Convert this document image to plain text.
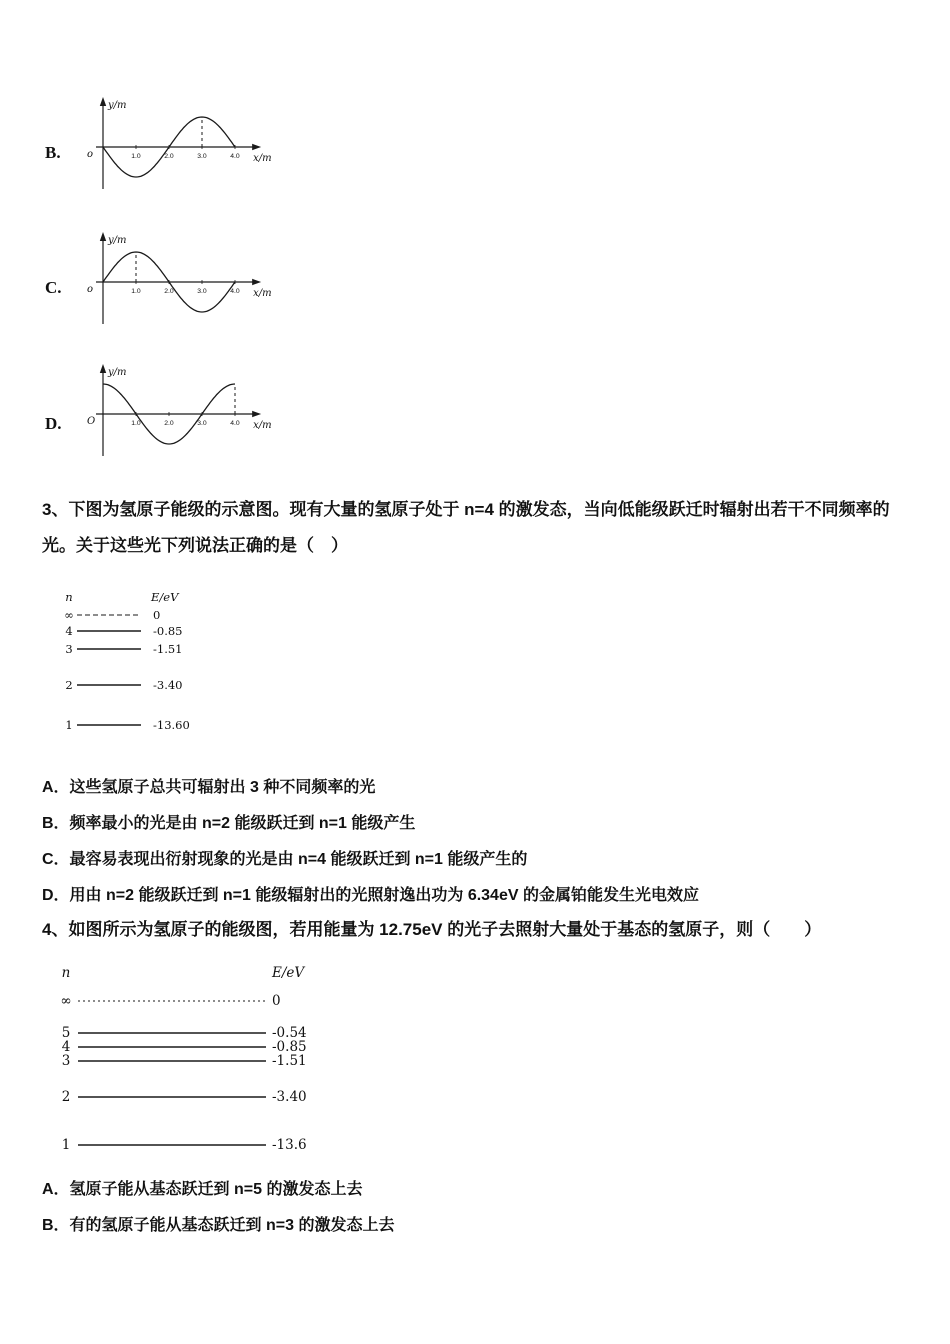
B.
y/m
x/m
o	1.0	2.0	3.0	4.0
C.
y/m
x/m
o	1.0	2.0	3.0	4.0
D.
y/m
x/m
O	1.0	2.0	3.0	4.0

3、下图为氢原子能级的示意图。现有大量的氢原子处于 n=4 的激发态，当向低能级跃迁时辐射出若干不同频率的光。关于这些光下列说法正确的是（　）

n	E/eV
∞	0
4	-0.85
3	-1.51
2	-3.40
1	-13.60
A．这些氢原子总共可辐射出 3 种不同频率的光
B．频率最小的光是由 n=2 能级跃迁到 n=1 能级产生
C．最容易表现出衍射现象的光是由 n=4 能级跃迁到 n=1 能级产生的
D．用由 n=2 能级跃迁到 n=1 能级辐射出的光照射逸出功为 6.34eV 的金属铂能发生光电效应

4、如图所示为氢原子的能级图，若用能量为 12.75eV 的光子去照射大量处于基态的氢原子，则（　　）

n	E/eV
∞	0
5	-0.54
4	-0.85
3	-1.51
2	-3.40
1	-13.6
A．氢原子能从基态跃迁到 n=5 的激发态上去
B．有的氢原子能从基态跃迁到 n=3 的激发态上去
